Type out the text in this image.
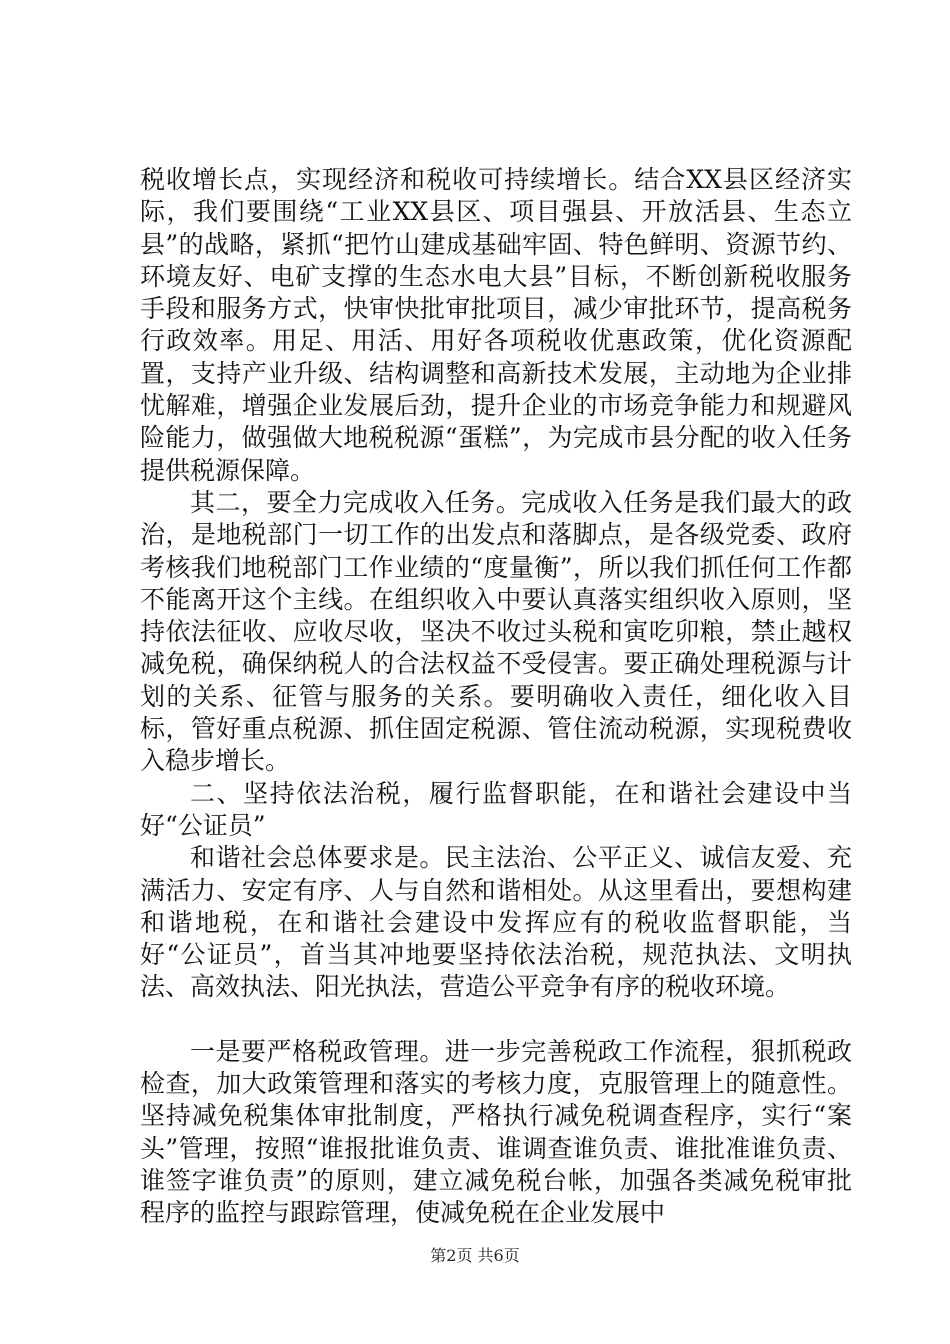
税收增长点，实现经济和税收可持续增长。结合XX县区经济实际，我们要围绕“工业XX县区、项目强县、开放活县、生态立县”的战略，紧抓“把竹山建成基础牢固、特色鲜明、资源节约、环境友好、电矿支撑的生态水电大县”目标，不断创新税收服务手段和服务方式，快审快批审批项目，减少审批环节，提高税务行政效率。用足、用活、用好各项税收优惠政策，优化资源配置，支持产业升级、结构调整和高新技术发展，主动地为企业排忧解难，增强企业发展后劲，提升企业的市场竞争能力和规避风险能力，做强做大地税税源“蛋糕”，为完成市县分配的收入任务提供税源保障。

其二，要全力完成收入任务。完成收入任务是我们最大的政治，是地税部门一切工作的出发点和落脚点，是各级党委、政府考核我们地税部门工作业绩的“度量衡”，所以我们抓任何工作都不能离开这个主线。在组织收入中要认真落实组织收入原则，坚持依法征收、应收尽收，坚决不收过头税和寅吃卯粮，禁止越权减免税，确保纳税人的合法权益不受侵害。要正确处理税源与计划的关系、征管与服务的关系。要明确收入责任，细化收入目标，管好重点税源、抓住固定税源、管住流动税源，实现税费收入稳步增长。

二、坚持依法治税，履行监督职能，在和谐社会建设中当好“公证员”

和谐社会总体要求是。民主法治、公平正义、诚信友爱、充满活力、安定有序、人与自然和谐相处。从这里看出，要想构建和谐地税，在和谐社会建设中发挥应有的税收监督职能，当好“公证员”，首当其冲地要坚持依法治税，规范执法、文明执法、高效执法、阳光执法，营造公平竞争有序的税收环境。

一是要严格税政管理。进一步完善税政工作流程，狠抓税政检查，加大政策管理和落实的考核力度，克服管理上的随意性。坚持减免税集体审批制度，严格执行减免税调查程序，实行“案头”管理，按照“谁报批谁负责、谁调查谁负责、谁批准谁负责、谁签字谁负责”的原则，建立减免税台帐，加强各类减免税审批程序的监控与跟踪管理，使减免税在企业发展中

第2页 共6页
